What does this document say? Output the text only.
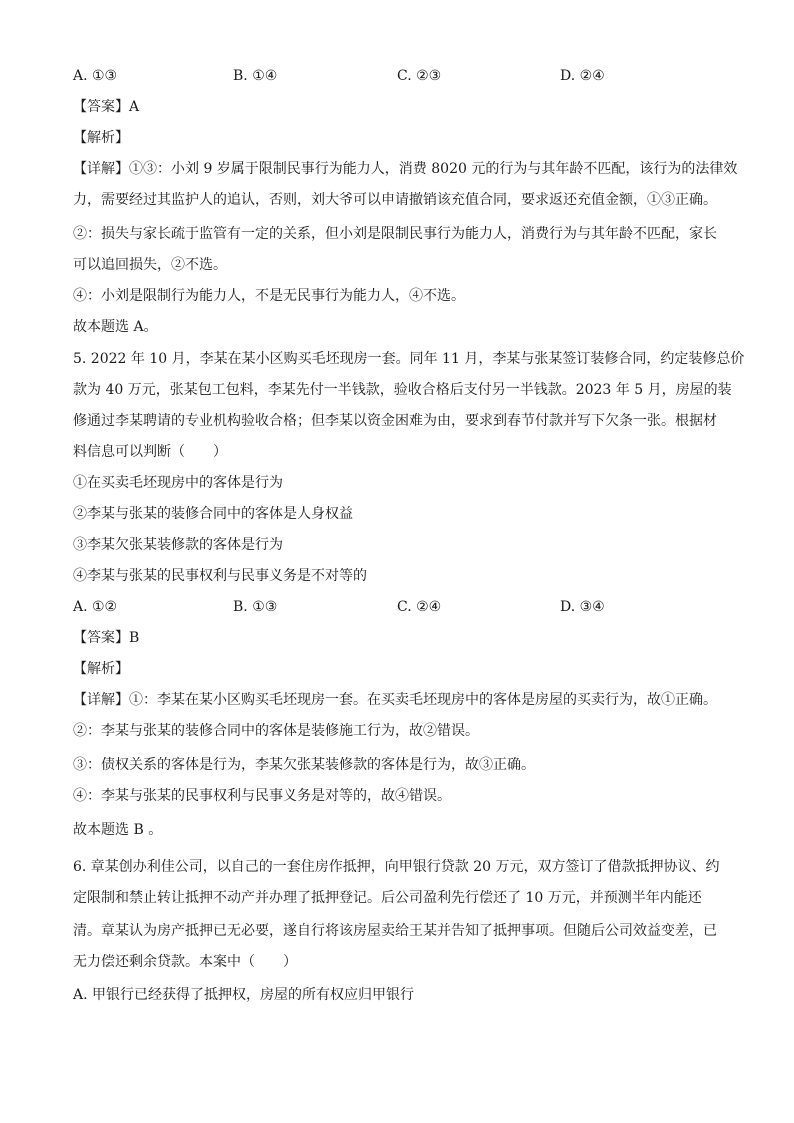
A. ①③	B. ①④	C. ②③	D. ②④
【答案】A
【解析】
【详解】①③：小刘 9 岁属于限制民事行为能力人，消费 8020 元的行为与其年龄不匹配，该行为的法律效
力，需要经过其监护人的追认，否则，刘大爷可以申请撤销该充值合同，要求返还充值金额，①③正确。
②：损失与家长疏于监管有一定的关系，但小刘是限制民事行为能力人，消费行为与其年龄不匹配，家长
可以追回损失，②不选。
④：小刘是限制行为能力人，不是无民事行为能力人，④不选。
故本题选 A。
5. 2022 年 10 月，李某在某小区购买毛坯现房一套。同年 11 月，李某与张某签订装修合同，约定装修总价
款为 40 万元，张某包工包料，李某先付一半钱款，验收合格后支付另一半钱款。2023 年 5 月，房屋的装
修通过李某聘请的专业机构验收合格；但李某以资金困难为由，要求到春节付款并写下欠条一张。根据材
料信息可以判断（　　）
①在买卖毛坯现房中的客体是行为
②李某与张某的装修合同中的客体是人身权益
③李某欠张某装修款的客体是行为
④李某与张某的民事权利与民事义务是不对等的
A. ①②	B. ①③	C. ②④	D. ③④
【答案】B
【解析】
【详解】①：李某在某小区购买毛坯现房一套。在买卖毛坯现房中的客体是房屋的买卖行为，故①正确。
②：李某与张某的装修合同中的客体是装修施工行为，故②错误。
③：债权关系的客体是行为，李某欠张某装修款的客体是行为，故③正确。
④：李某与张某的民事权利与民事义务是对等的，故④错误。
故本题选 B 。
6. 章某创办利佳公司，以自己的一套住房作抵押，向甲银行贷款 20 万元，双方签订了借款抵押协议、约
定限制和禁止转让抵押不动产并办理了抵押登记。后公司盈利先行偿还了 10 万元，并预测半年内能还
清。章某认为房产抵押已无必要，遂自行将该房屋卖给王某并告知了抵押事项。但随后公司效益变差，已
无力偿还剩余贷款。本案中（　　）
A. 甲银行已经获得了抵押权，房屋的所有权应归甲银行
